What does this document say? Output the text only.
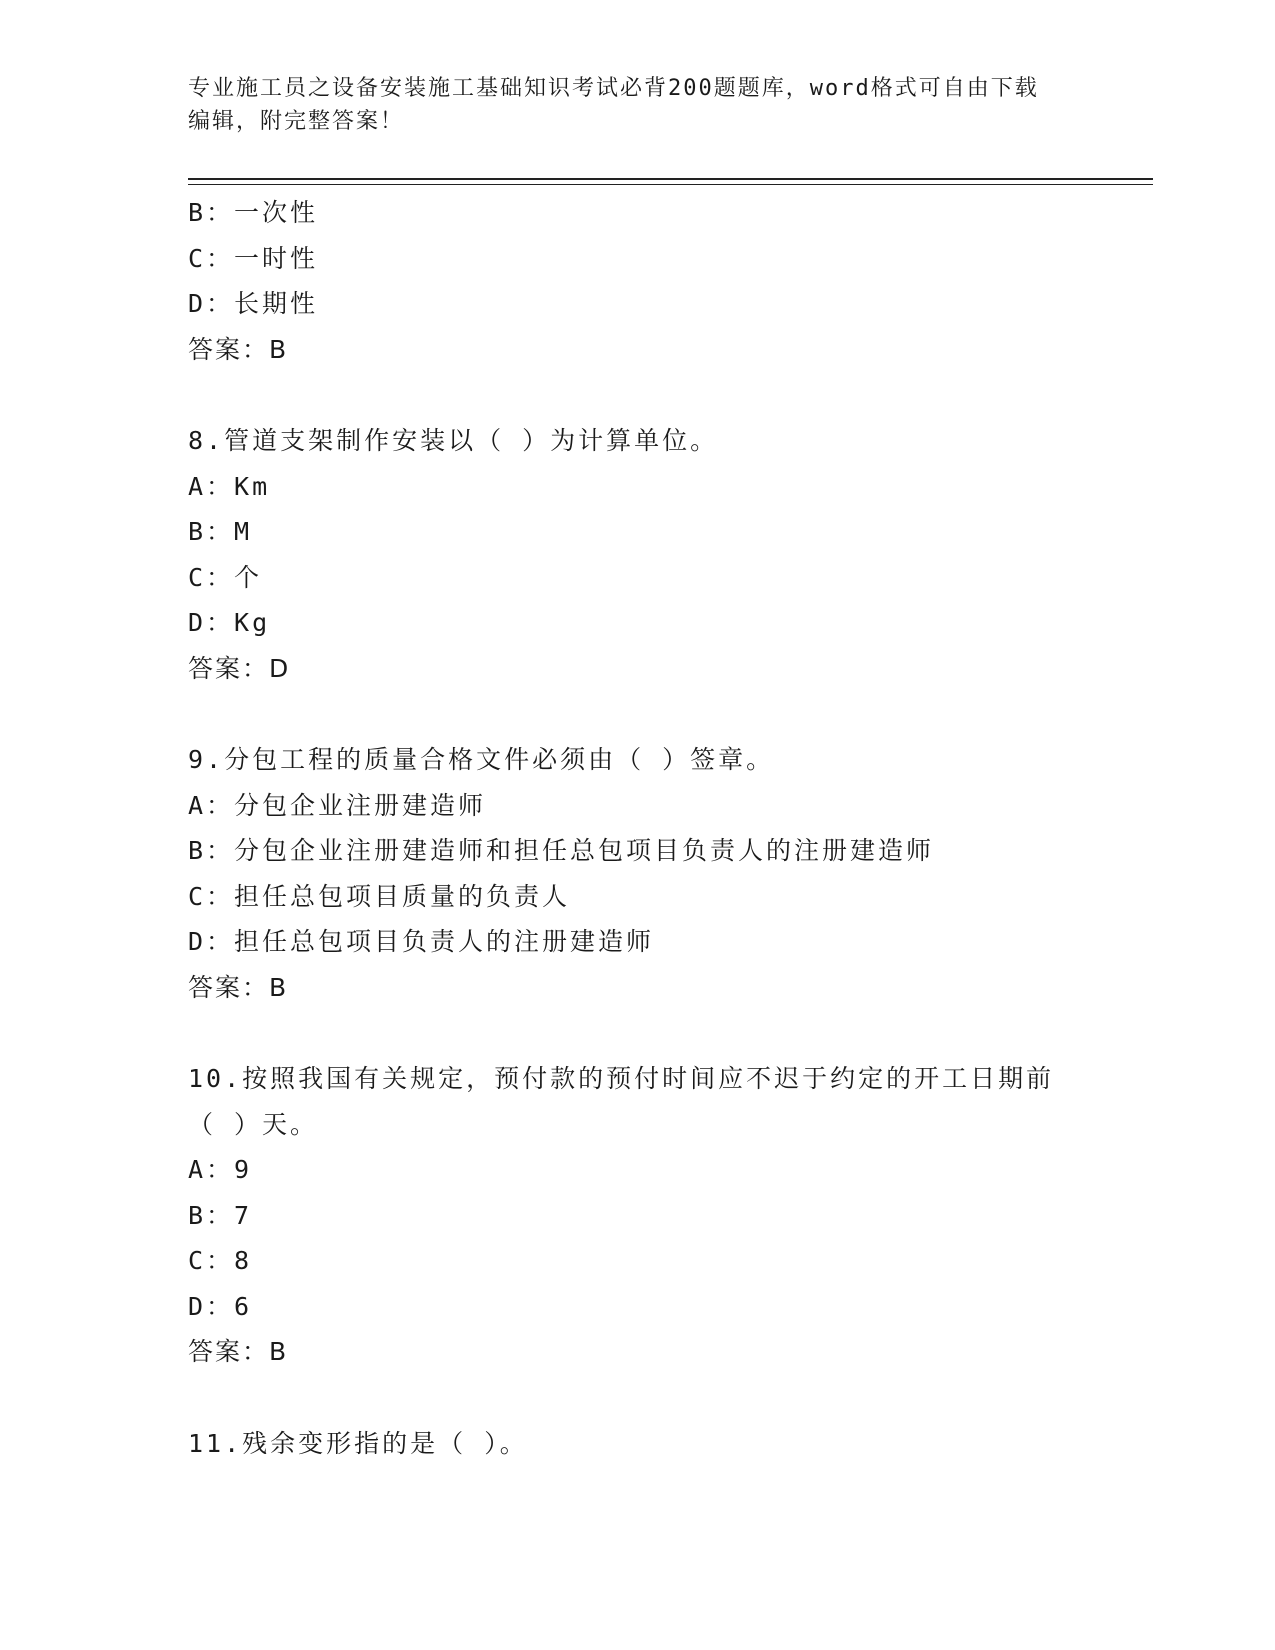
专业施工员之设备安装施工基础知识考试必背200题题库，word格式可自由下载
编辑，附完整答案！
B：一次性
C：一时性
D：长期性
答案：B
8.管道支架制作安装以（ ）为计算单位。
A：Km
B：M
C：个
D：Kg
答案：D
9.分包工程的质量合格文件必须由（ ）签章。
A：分包企业注册建造师
B：分包企业注册建造师和担任总包项目负责人的注册建造师
C：担任总包项目质量的负责人
D：担任总包项目负责人的注册建造师
答案：B
10.按照我国有关规定，预付款的预付时间应不迟于约定的开工日期前
（ ）天。
A：9
B：7
C：8
D：6
答案：B
11.残余变形指的是（ ）。
